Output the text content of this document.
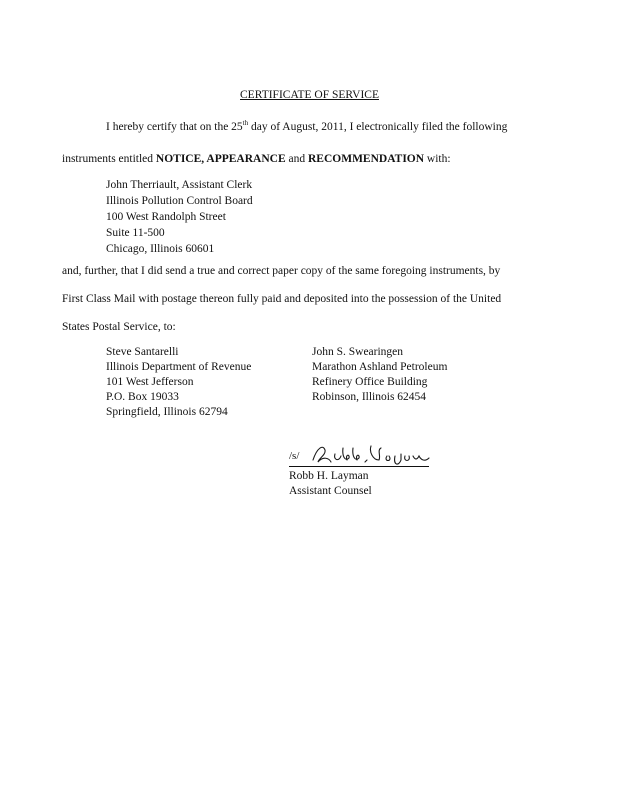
CERTIFICATE OF SERVICE
I hereby certify that on the 25th day of August, 2011, I electronically filed the following
instruments entitled NOTICE, APPEARANCE and RECOMMENDATION with:
John Therriault, Assistant Clerk
Illinois Pollution Control Board
100 West Randolph Street
Suite 11-500
Chicago, Illinois 60601
and, further, that I did send a true and correct paper copy of the same foregoing instruments, by
First Class Mail with postage thereon fully paid and deposited into the possession of the United
States Postal Service, to:
Steve Santarelli
Illinois Department of Revenue
101 West Jefferson
P.O. Box 19033
Springfield, Illinois 62794
John S. Swearingen
Marathon Ashland Petroleum
Refinery Office Building
Robinson, Illinois 62454
/s/
Robb H. Layman
Assistant Counsel
